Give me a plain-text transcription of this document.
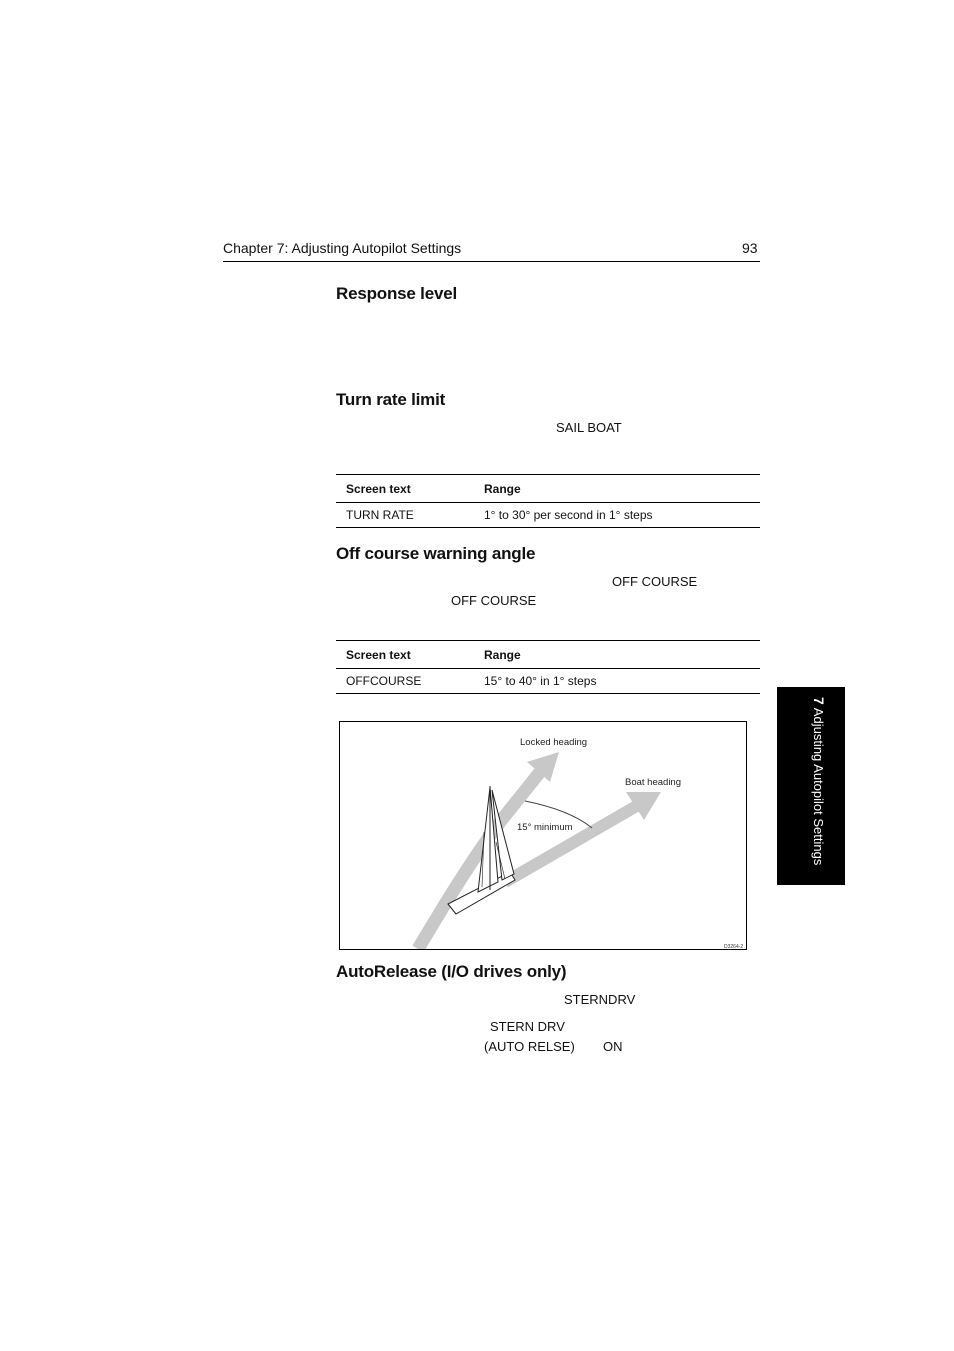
Chapter 7: Adjusting Autopilot Settings	93
Response level
Turn rate limit
SAIL BOAT
Screen text	Range
TURN RATE	1° to 30° per second in 1° steps
Off course warning angle
OFF COURSE
OFF COURSE
Screen text	Range
OFFCOURSE	15° to 40° in 1° steps
Locked heading
Boat heading
15° minimum
D3264-2
AutoRelease (I/O drives only)
STERNDRV
STERN DRV
(AUTO RELSE) ON
7Adjusting Autopilot Settings
